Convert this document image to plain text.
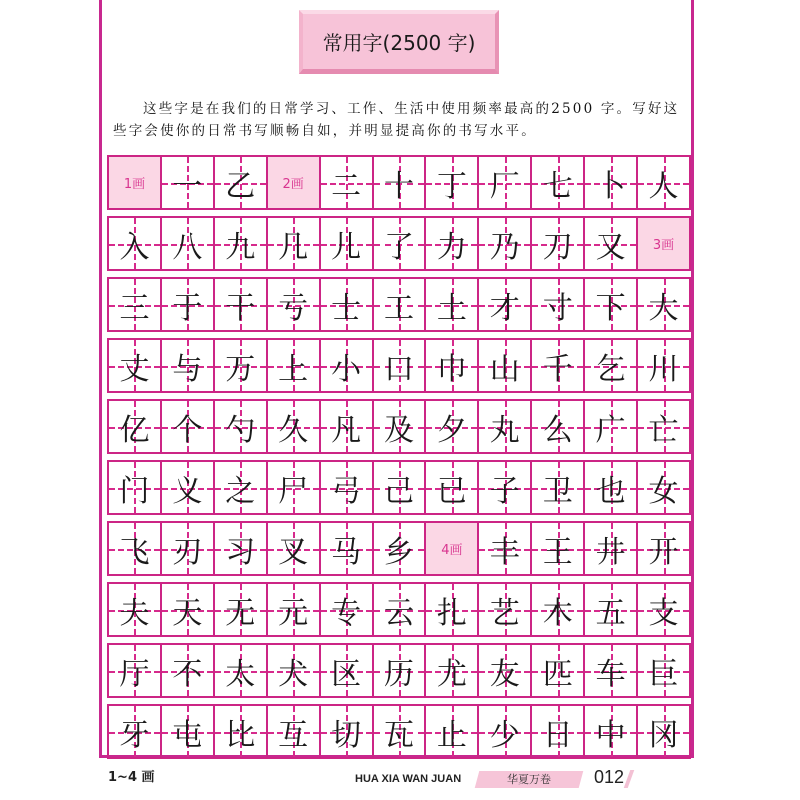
常用字(2500 字)

这些字是在我们的日常学习、工作、生活中使用频率最高的2500 字。写好这些字会使你的日常书写顺畅自如，并明显提高你的书写水平。

1画 一 乙 2画 二 十 丁 厂 七 卜 人
入 八 九 几 儿 了 力 乃 刀 又 3画
三 于 干 亏 士 工 土 才 寸 下 大
丈 与 万 上 小 口 巾 山 千 乞 川
亿 个 勺 久 凡 及 夕 丸 么 广 亡
门 义 之 尸 弓 己 已 子 卫 也 女
飞 刃 习 叉 马 乡 4画 丰 王 井 开
夫 天 无 元 专 云 扎 艺 木 五 支
厅 不 太 犬 区 历 尤 友 匹 车 巨
牙 屯 比 互 切 瓦 止 少 日 中 冈
1~4 画	HUA XIA WAN JUAN	华夏万卷	012
